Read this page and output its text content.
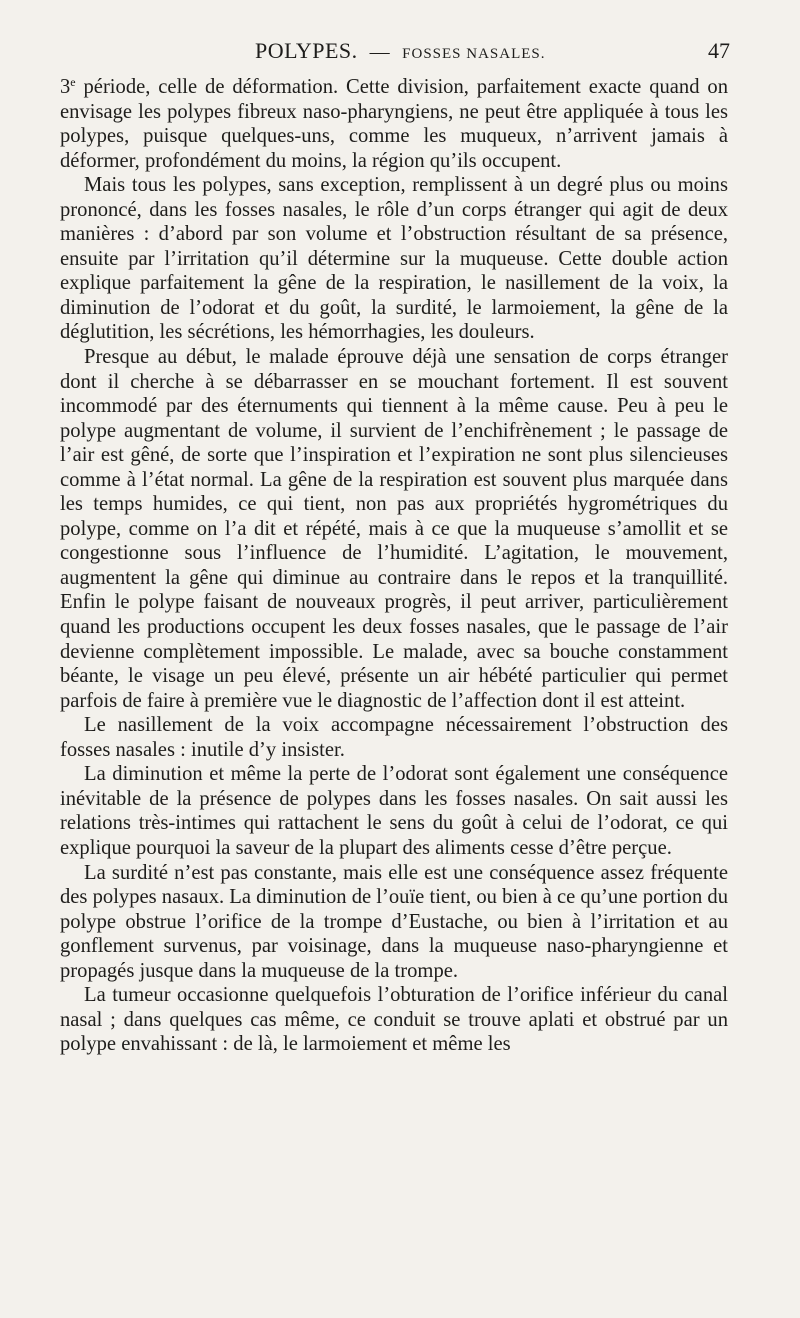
POLYPES. — FOSSES NASALES.	47

3e période, celle de déformation. Cette division, parfaitement exacte quand on envisage les polypes fibreux naso-pharyngiens, ne peut être appliquée à tous les polypes, puisque quelques-uns, comme les muqueux, n’arrivent jamais à déformer, profondément du moins, la région qu’ils occupent.

Mais tous les polypes, sans exception, remplissent à un degré plus ou moins prononcé, dans les fosses nasales, le rôle d’un corps étranger qui agit de deux manières : d’abord par son volume et l’obstruction résultant de sa présence, ensuite par l’irritation qu’il détermine sur la muqueuse. Cette double action explique parfaitement la gêne de la respiration, le nasillement de la voix, la diminution de l’odorat et du goût, la surdité, le larmoiement, la gêne de la déglutition, les sécrétions, les hémorrhagies, les douleurs.

Presque au début, le malade éprouve déjà une sensation de corps étranger dont il cherche à se débarrasser en se mouchant fortement. Il est souvent incommodé par des éternuments qui tiennent à la même cause. Peu à peu le polype augmentant de volume, il survient de l’enchifrènement ; le passage de l’air est gêné, de sorte que l’inspiration et l’expiration ne sont plus silencieuses comme à l’état normal. La gêne de la respiration est souvent plus marquée dans les temps humides, ce qui tient, non pas aux propriétés hygrométriques du polype, comme on l’a dit et répété, mais à ce que la muqueuse s’amollit et se congestionne sous l’influence de l’humidité. L’agitation, le mouvement, augmentent la gêne qui diminue au contraire dans le repos et la tranquillité. Enfin le polype faisant de nouveaux progrès, il peut arriver, particulièrement quand les productions occupent les deux fosses nasales, que le passage de l’air devienne complètement impossible. Le malade, avec sa bouche constamment béante, le visage un peu élevé, présente un air hébété particulier qui permet parfois de faire à première vue le diagnostic de l’affection dont il est atteint.

Le nasillement de la voix accompagne nécessairement l’obstruction des fosses nasales : inutile d’y insister.

La diminution et même la perte de l’odorat sont également une conséquence inévitable de la présence de polypes dans les fosses nasales. On sait aussi les relations très-intimes qui rattachent le sens du goût à celui de l’odorat, ce qui explique pourquoi la saveur de la plupart des aliments cesse d’être perçue.

La surdité n’est pas constante, mais elle est une conséquence assez fréquente des polypes nasaux. La diminution de l’ouïe tient, ou bien à ce qu’une portion du polype obstrue l’orifice de la trompe d’Eustache, ou bien à l’irritation et au gonflement survenus, par voisinage, dans la muqueuse naso-pharyngienne et propagés jusque dans la muqueuse de la trompe.

La tumeur occasionne quelquefois l’obturation de l’orifice inférieur du canal nasal ; dans quelques cas même, ce conduit se trouve aplati et obstrué par un polype envahissant : de là, le larmoiement et même les
